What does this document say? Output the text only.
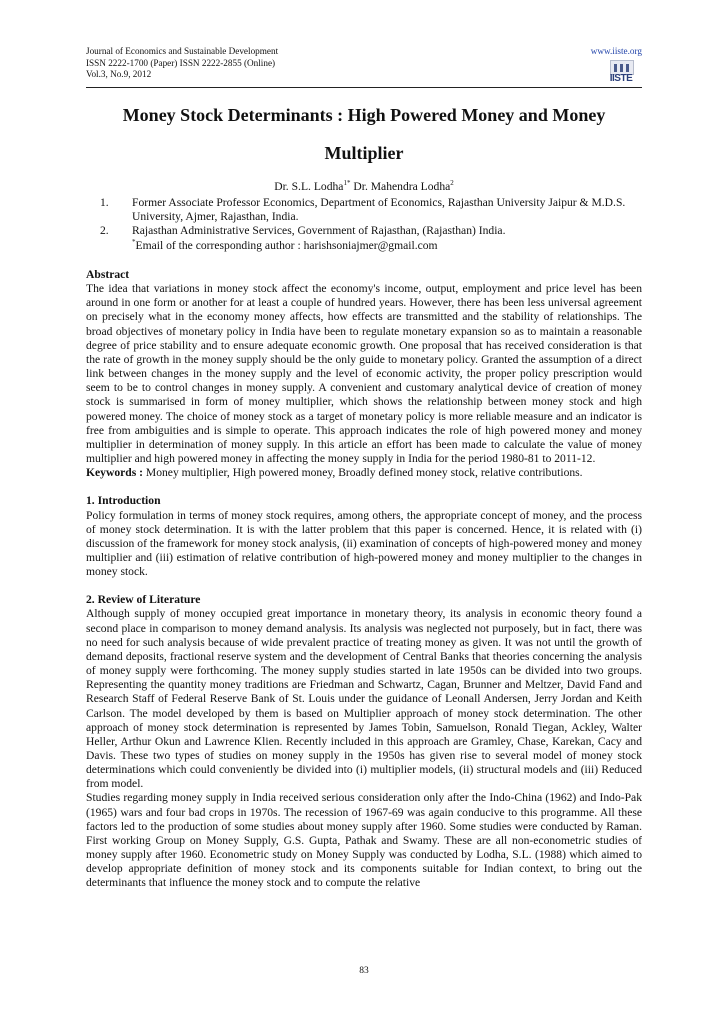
Journal of Economics and Sustainable Development
ISSN 2222-1700 (Paper) ISSN 2222-2855 (Online)
Vol.3, No.9, 2012
www.iiste.org
IISTE
Money Stock Determinants : High Powered Money and Money
Multiplier
Dr. S.L. Lodha$^{1*}$ Dr. Mahendra Lodha$^2$
1. Former Associate Professor Economics, Department of Economics, Rajasthan University Jaipur & M.D.S. University, Ajmer, Rajasthan, India.
2. Rajasthan Administrative Services, Government of Rajasthan, (Rajasthan) India.
*Email of the corresponding author : harishsoniajmer@gmail.com
Abstract

The idea that variations in money stock affect the economy's income, output, employment and price level has been around in one form or another for at least a couple of hundred years. However, there has been less universal agreement on precisely what in the economy money affects, how effects are transmitted and the stability of relationships. The broad objectives of monetary policy in India have been to regulate monetary expansion so as to maintain a reasonable degree of price stability and to ensure adequate economic growth. One proposal that has received consideration is that the rate of growth in the money supply should be the only guide to monetary policy. Granted the assumption of a direct link between changes in the money supply and the level of economic activity, the proper policy prescription would seem to be to control changes in money supply. A convenient and customary analytical device of creation of money stock is summarised in form of money multiplier, which shows the relationship between money stock and high powered money. The choice of money stock as a target of monetary policy is more reliable measure and an indicator is free from ambiguities and is simple to operate. This approach indicates the role of high powered money and money multiplier in determination of money supply. In this article an effort has been made to calculate the value of money multiplier and high powered money in affecting the money supply in India for the period 1980-81 to 2011-12.

Keywords : Money multiplier, High powered money, Broadly defined money stock, relative contributions.

1. Introduction

Policy formulation in terms of money stock requires, among others, the appropriate concept of money, and the process of money stock determination. It is with the latter problem that this paper is concerned. Hence, it is related with (i) discussion of the framework for money stock analysis, (ii) examination of concepts of high-powered money and money multiplier and (iii) estimation of relative contribution of high-powered money and money multiplier to the changes in money stock.

2. Review of Literature

Although supply of money occupied great importance in monetary theory, its analysis in economic theory found a second place in comparison to money demand analysis. Its analysis was neglected not purposely, but in fact, there was no need for such analysis because of wide prevalent practice of treating money as given. It was not until the growth of demand deposits, fractional reserve system and the development of Central Banks that theories concerning the analysis of money supply were forthcoming. The money supply studies started in late 1950s can be divided into two groups. Representing the quantity money traditions are Friedman and Schwartz, Cagan, Brunner and Meltzer, David Fand and Research Staff of Federal Reserve Bank of St. Louis under the guidance of Leonall Andersen, Jerry Jordan and Keith Carlson. The model developed by them is based on Multiplier approach of money stock determination. The other approach of money stock determination is represented by James Tobin, Samuelson, Ronald Tiegan, Ackley, Walter Heller, Arthur Okun and Lawrence Klien. Recently included in this approach are Gramley, Chase, Karekan, Cacy and Davis. These two types of studies on money supply in the 1950s has given rise to several model of money stock determinations which could conveniently be divided into (i) multiplier models, (ii) structural models and (iii) Reduced from model.

Studies regarding money supply in India received serious consideration only after the Indo-China (1962) and Indo-Pak (1965) wars and four bad crops in 1970s. The recession of 1967-69 was again conducive to this programme. All these factors led to the production of some studies about money supply after 1960. Some studies were conducted by Raman. First working Group on Money Supply, G.S. Gupta, Pathak and Swamy. These are all non-econometric studies of money supply after 1960. Econometric study on Money Supply was conducted by Lodha, S.L. (1988) which aimed to develop appropriate definition of money stock and its components suitable for Indian context, to bring out the determinants that influence the money stock and to compute the relative

83
